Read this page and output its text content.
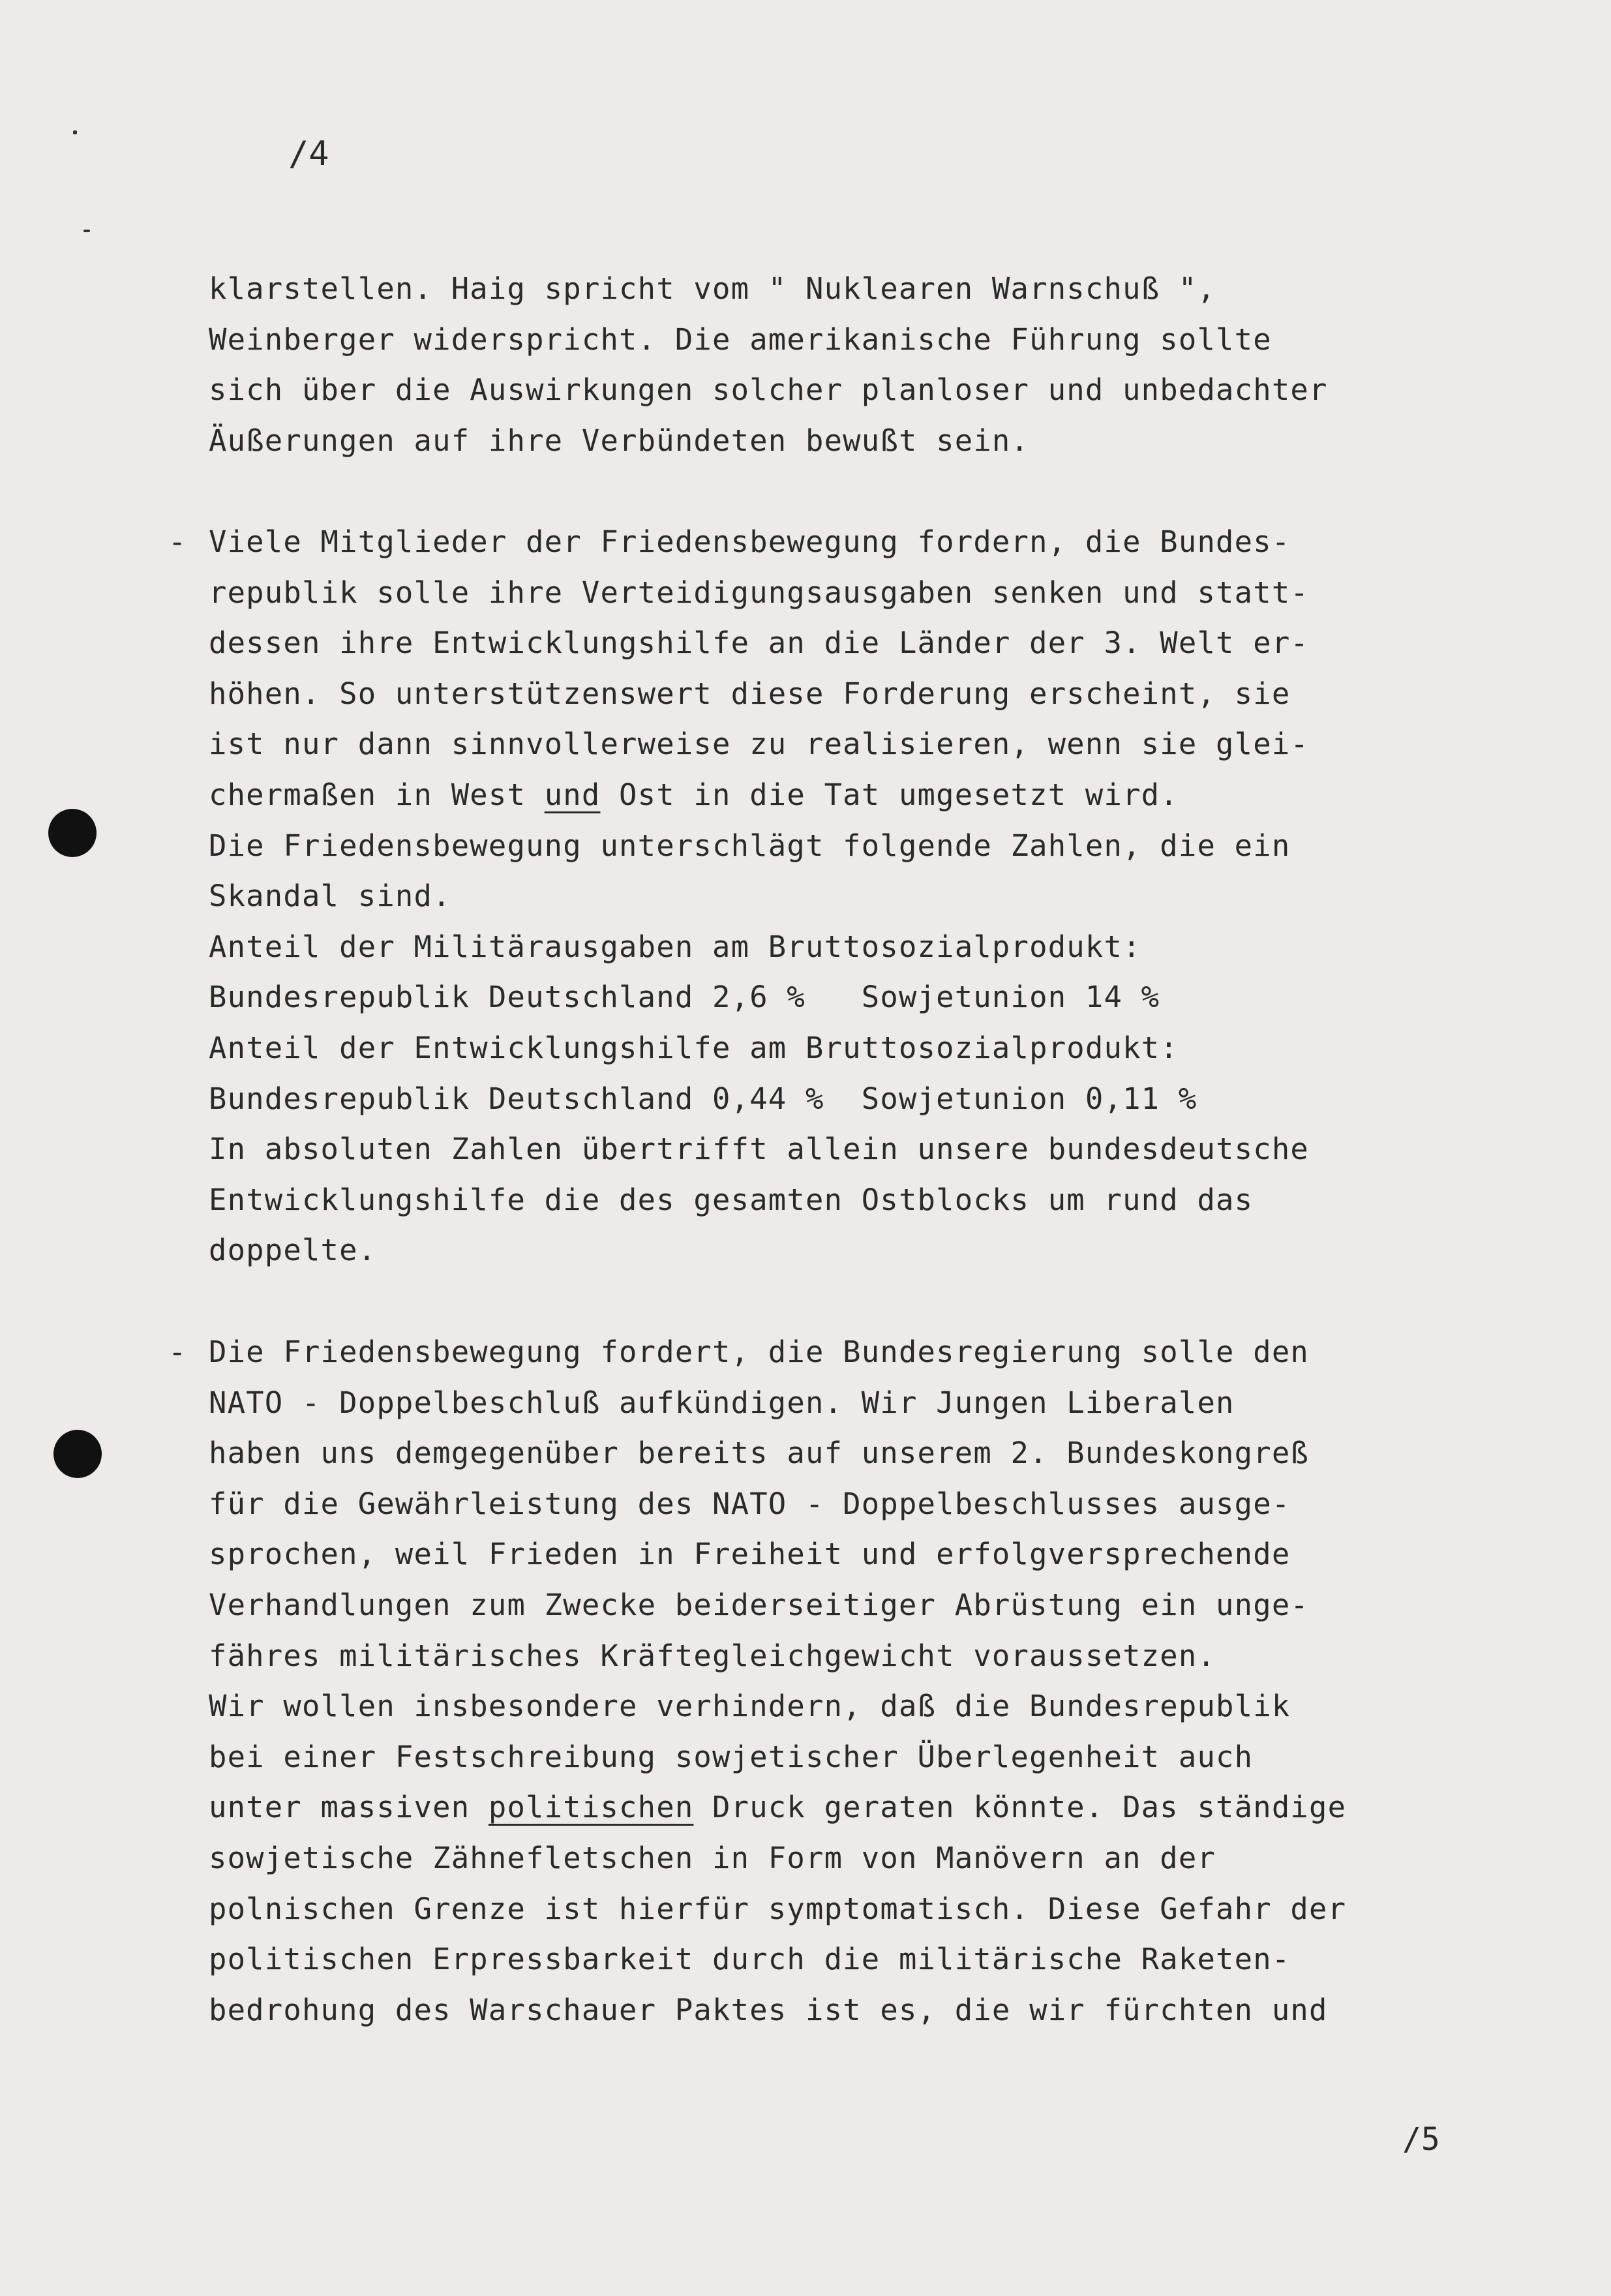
/4
klarstellen. Haig spricht vom " Nuklearen Warnschuß ",
Weinberger widerspricht. Die amerikanische Führung sollte
sich über die Auswirkungen solcher planloser und unbedachter
Äußerungen auf ihre Verbündeten bewußt sein.
- Viele Mitglieder der Friedensbewegung fordern, die Bundes-
republik solle ihre Verteidigungsausgaben senken und statt-
dessen ihre Entwicklungshilfe an die Länder der 3. Welt er-
höhen. So unterstützenswert diese Forderung erscheint, sie
ist nur dann sinnvollerweise zu realisieren, wenn sie glei-
chermaßen in West und Ost in die Tat umgesetzt wird.
Die Friedensbewegung unterschlägt folgende Zahlen, die ein
Skandal sind.
Anteil der Militärausgaben am Bruttosozialprodukt:
Bundesrepublik Deutschland 2,6 %   Sowjetunion 14 %
Anteil der Entwicklungshilfe am Bruttosozialprodukt:
Bundesrepublik Deutschland 0,44 %  Sowjetunion 0,11 %
In absoluten Zahlen übertrifft allein unsere bundesdeutsche
Entwicklungshilfe die des gesamten Ostblocks um rund das
doppelte.
- Die Friedensbewegung fordert, die Bundesregierung solle den
NATO - Doppelbeschluß aufkündigen. Wir Jungen Liberalen
haben uns demgegenüber bereits auf unserem 2. Bundeskongreß
für die Gewährleistung des NATO - Doppelbeschlusses ausge-
sprochen, weil Frieden in Freiheit und erfolgversprechende
Verhandlungen zum Zwecke beiderseitiger Abrüstung ein unge-
fähres militärisches Kräftegleichgewicht voraussetzen.
Wir wollen insbesondere verhindern, daß die Bundesrepublik
bei einer Festschreibung sowjetischer Überlegenheit auch
unter massiven politischen Druck geraten könnte. Das ständige
sowjetische Zähnefletschen in Form von Manövern an der
polnischen Grenze ist hierfür symptomatisch. Diese Gefahr der
politischen Erpressbarkeit durch die militärische Raketen-
bedrohung des Warschauer Paktes ist es, die wir fürchten und
/5
